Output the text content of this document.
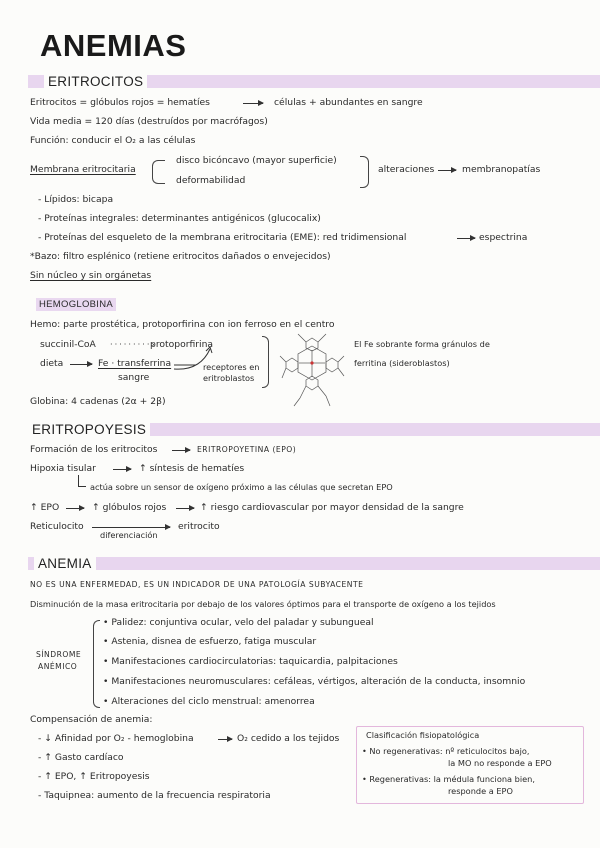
ANEMIAS
ERITROCITOS
Eritrocitos = glóbulos rojos = hematíes	células + abundantes en sangre
Vida media = 120 días (destruídos por macrófagos)
Función: conducir el O₂ a las células
Membrana eritrocitaria
disco bicóncavo (mayor superficie)
deformabilidad
alteraciones	membranopatías
- Lípidos: bicapa
- Proteínas integrales: determinantes antigénicos (glucocalix)
- Proteínas del esqueleto de la membrana eritrocitaria (EME): red tridimensional	espectrina
*Bazo: filtro esplénico (retiene eritrocitos dañados o envejecidos)
Sin núcleo y sin orgánetas
HEMOGLOBINA
Hemo: parte prostética, protoporfirina con ion ferroso en el centro
succinil-CoA ·········›
protoporfirina
dieta	Fe · transferrina
sangre
receptores en
eritroblastos
El Fe sobrante forma gránulos de
ferritina (sideroblastos)
Globina: 4 cadenas (2α + 2β)
ERITROPOYESIS
Formación de los eritrocitos	ERITROPOYETINA (EPO)
Hipoxia tisular	↑ síntesis de hematíes
actúa sobre un sensor de oxígeno próximo a las células que secretan EPO
↑ EPO	↑ glóbulos rojos	↑ riesgo cardiovascular por mayor densidad de la sangre
Reticulocito
diferenciación
eritrocito
ANEMIA
NO ES UNA ENFERMEDAD, ES UN INDICADOR DE UNA PATOLOGÍA SUBYACENTE
Disminución de la masa eritrocitaria por debajo de los valores óptimos para el transporte de oxígeno a los tejidos
SÍNDROME
ANÉMICO
• Palidez: conjuntiva ocular, velo del paladar y subungueal
• Astenia, disnea de esfuerzo, fatiga muscular
• Manifestaciones cardiocirculatorias: taquicardia, palpitaciones
• Manifestaciones neuromusculares: cefáleas, vértigos, alteración de la conducta, insomnio
• Alteraciones del ciclo menstrual: amenorrea
Compensación de anemia:
- ↓ Afinidad por O₂ - hemoglobina	O₂ cedido a los tejidos
- ↑ Gasto cardíaco
- ↑ EPO, ↑ Eritropoyesis
- Taquipnea: aumento de la frecuencia respiratoria
Clasificación fisiopatológica
• No regenerativas: nº reticulocitos bajo,
la MO no responde a EPO
• Regenerativas: la médula funciona bien,
responde a EPO
